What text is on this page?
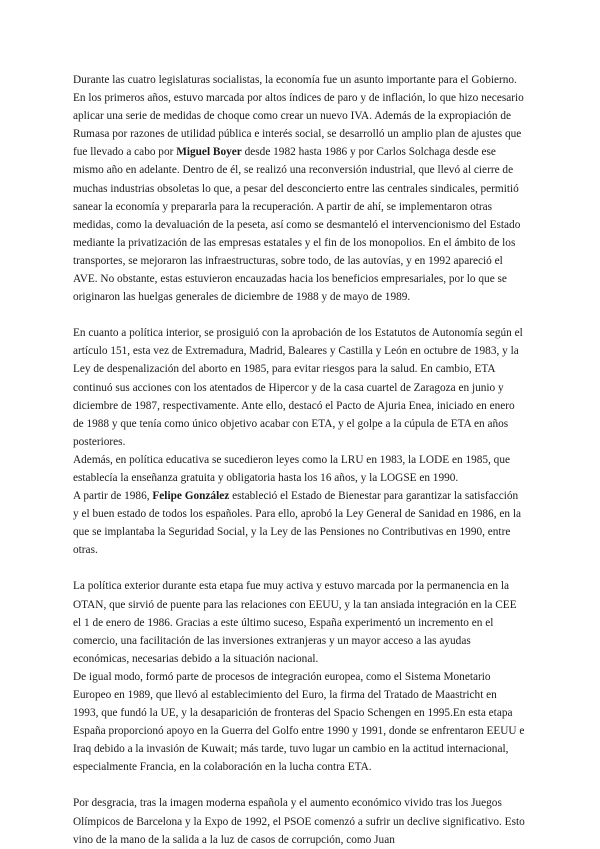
Durante las cuatro legislaturas socialistas, la economía fue un asunto importante para el Gobierno. En los primeros años, estuvo marcada por altos índices de paro y de inflación, lo que hizo necesario aplicar una serie de medidas de choque como crear un nuevo IVA. Además de la expropiación de Rumasa por razones de utilidad pública e interés social, se desarrolló un amplio plan de ajustes que fue llevado a cabo por Miguel Boyer desde 1982 hasta 1986 y por Carlos Solchaga desde ese mismo año en adelante. Dentro de él, se realizó una reconversión industrial, que llevó al cierre de muchas industrias obsoletas lo que, a pesar del desconcierto entre las centrales sindicales, permitió sanear la economía y prepararla para la recuperación. A partir de ahí, se implementaron otras medidas, como la devaluación de la peseta, así como se desmanteló el intervencionismo del Estado mediante la privatización de las empresas estatales y el fin de los monopolios. En el ámbito de los transportes, se mejoraron las infraestructuras, sobre todo, de las autovías, y en 1992 apareció el AVE. No obstante, estas estuvieron encauzadas hacia los beneficios empresariales, por lo que se originaron las huelgas generales de diciembre de 1988 y de mayo de 1989.

En cuanto a política interior, se prosiguió con la aprobación de los Estatutos de Autonomía según el artículo 151, esta vez de Extremadura, Madrid, Baleares y Castilla y León en octubre de 1983, y la Ley de despenalización del aborto en 1985, para evitar riesgos para la salud. En cambio, ETA continuó sus acciones con los atentados de Hipercor y de la casa cuartel de Zaragoza en junio y diciembre de 1987, respectivamente. Ante ello, destacó el Pacto de Ajuria Enea, iniciado en enero de 1988 y que tenía como único objetivo acabar con ETA, y el golpe a la cúpula de ETA en años posteriores.

Además, en política educativa se sucedieron leyes como la LRU en 1983, la LODE en 1985, que establecía la enseñanza gratuita y obligatoria hasta los 16 años, y la LOGSE en 1990.

A partir de 1986, Felipe González estableció el Estado de Bienestar para garantizar la satisfacción y el buen estado de todos los españoles. Para ello, aprobó la Ley General de Sanidad en 1986, en la que se implantaba la Seguridad Social, y la Ley de las Pensiones no Contributivas en 1990, entre otras.

La política exterior durante esta etapa fue muy activa y estuvo marcada por la permanencia en la OTAN, que sirvió de puente para las relaciones con EEUU, y la tan ansiada integración en la CEE el 1 de enero de 1986. Gracias a este último suceso, España experimentó un incremento en el comercio, una facilitación de las inversiones extranjeras y un mayor acceso a las ayudas económicas, necesarias debido a la situación nacional.

De igual modo, formó parte de procesos de integración europea, como el Sistema Monetario Europeo en 1989, que llevó al establecimiento del Euro, la firma del Tratado de Maastricht en 1993, que fundó la UE, y la desaparición de fronteras del Spacio Schengen en 1995.En esta etapa España proporcionó apoyo en la Guerra del Golfo entre 1990 y 1991, donde se enfrentaron EEUU e Iraq debido a la invasión de Kuwait; más tarde, tuvo lugar un cambio en la actitud internacional, especialmente Francia, en la colaboración en la lucha contra ETA.

Por desgracia, tras la imagen moderna española y el aumento económico vivido tras los Juegos Olímpicos de Barcelona y la Expo de 1992, el PSOE comenzó a sufrir un declive significativo. Esto vino de la mano de la salida a la luz de casos de corrupción, como Juan
